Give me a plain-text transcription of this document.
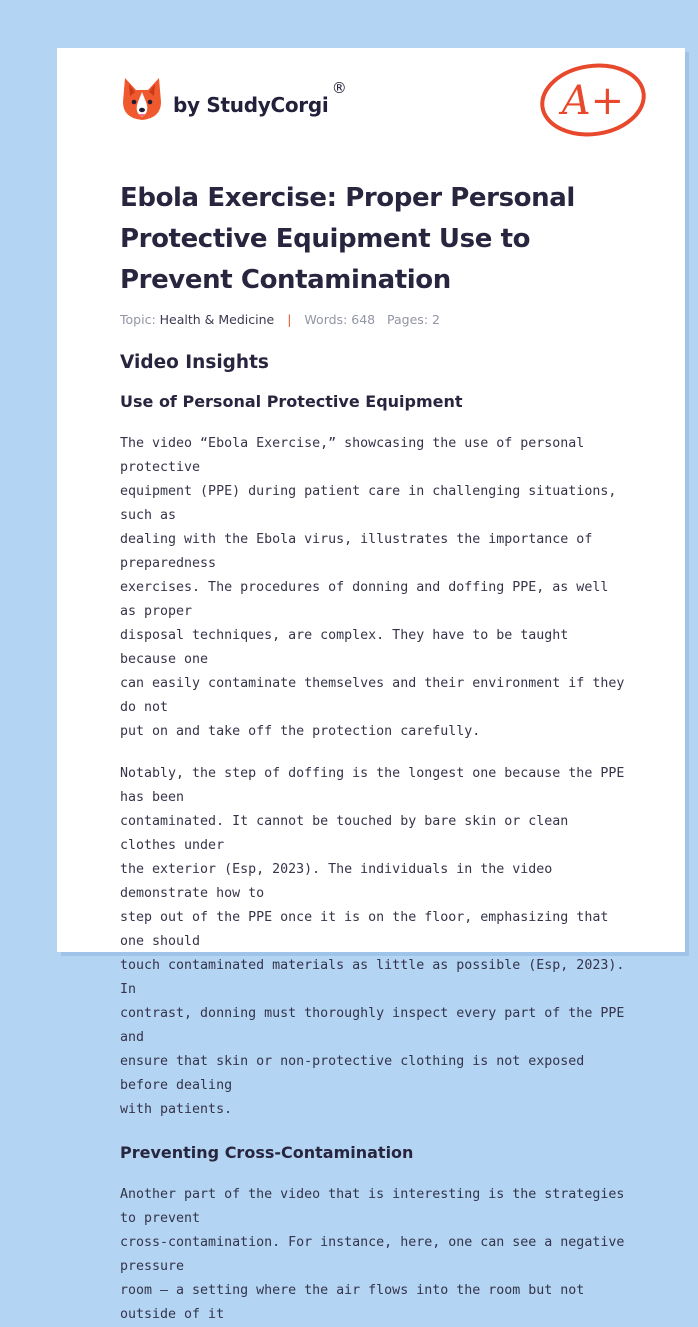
by StudyCorgi
®	A+
Ebola Exercise: Proper Personal Protective Equipment Use to Prevent Contamination
Topic: Health & Medicine | Words: 648 Pages: 2
Video Insights
Use of Personal Protective Equipment

The video “Ebola Exercise,” showcasing the use of personal protective
equipment (PPE) during patient care in challenging situations, such as
dealing with the Ebola virus, illustrates the importance of preparedness
exercises. The procedures of donning and doffing PPE, as well as proper
disposal techniques, are complex. They have to be taught because one
can easily contaminate themselves and their environment if they do not
put on and take off the protection carefully.

Notably, the step of doffing is the longest one because the PPE has been
contaminated. It cannot be touched by bare skin or clean clothes under
the exterior (Esp, 2023). The individuals in the video demonstrate how to
step out of the PPE once it is on the floor, emphasizing that one should
touch contaminated materials as little as possible (Esp, 2023). In
contrast, donning must thoroughly inspect every part of the PPE and
ensure that skin or non-protective clothing is not exposed before dealing
with patients.

Preventing Cross-Contamination

Another part of the video that is interesting is the strategies to prevent
cross-contamination. For instance, here, one can see a negative pressure
room – a setting where the air flows into the room but not outside of it
